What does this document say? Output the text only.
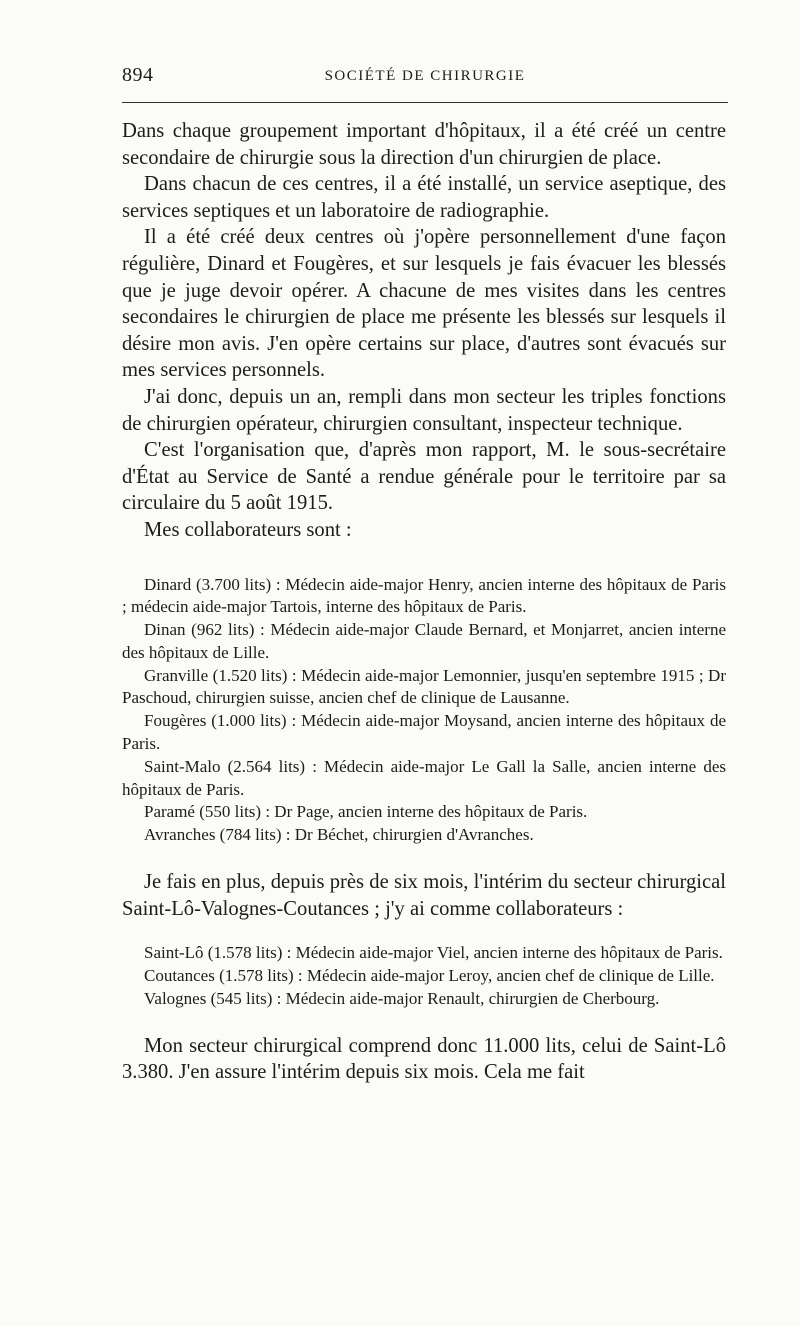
894	SOCIÉTÉ DE CHIRURGIE

Dans chaque groupement important d'hôpitaux, il a été créé un centre secondaire de chirurgie sous la direction d'un chirurgien de place.

Dans chacun de ces centres, il a été installé, un service aseptique, des services septiques et un laboratoire de radiographie.

Il a été créé deux centres où j'opère personnellement d'une façon régulière, Dinard et Fougères, et sur lesquels je fais évacuer les blessés que je juge devoir opérer. A chacune de mes visites dans les centres secondaires le chirurgien de place me présente les blessés sur lesquels il désire mon avis. J'en opère certains sur place, d'autres sont évacués sur mes services personnels.

J'ai donc, depuis un an, rempli dans mon secteur les triples fonctions de chirurgien opérateur, chirurgien consultant, inspecteur technique.

C'est l'organisation que, d'après mon rapport, M. le sous-secrétaire d'État au Service de Santé a rendue générale pour le territoire par sa circulaire du 5 août 1915.

Mes collaborateurs sont :

Dinard (3.700 lits) : Médecin aide-major Henry, ancien interne des hôpitaux de Paris ; médecin aide-major Tartois, interne des hôpitaux de Paris.

Dinan (962 lits) : Médecin aide-major Claude Bernard, et Monjarret, ancien interne des hôpitaux de Lille.

Granville (1.520 lits) : Médecin aide-major Lemonnier, jusqu'en septembre 1915 ; Dr Paschoud, chirurgien suisse, ancien chef de clinique de Lausanne.

Fougères (1.000 lits) : Médecin aide-major Moysand, ancien interne des hôpitaux de Paris.

Saint-Malo (2.564 lits) : Médecin aide-major Le Gall la Salle, ancien interne des hôpitaux de Paris.

Paramé (550 lits) : Dr Page, ancien interne des hôpitaux de Paris.

Avranches (784 lits) : Dr Béchet, chirurgien d'Avranches.

Je fais en plus, depuis près de six mois, l'intérim du secteur chirurgical Saint-Lô-Valognes-Coutances ; j'y ai comme collaborateurs :

Saint-Lô (1.578 lits) : Médecin aide-major Viel, ancien interne des hôpitaux de Paris.

Coutances (1.578 lits) : Médecin aide-major Leroy, ancien chef de clinique de Lille.

Valognes (545 lits) : Médecin aide-major Renault, chirurgien de Cherbourg.

Mon secteur chirurgical comprend donc 11.000 lits, celui de Saint-Lô 3.380. J'en assure l'intérim depuis six mois. Cela me fait
